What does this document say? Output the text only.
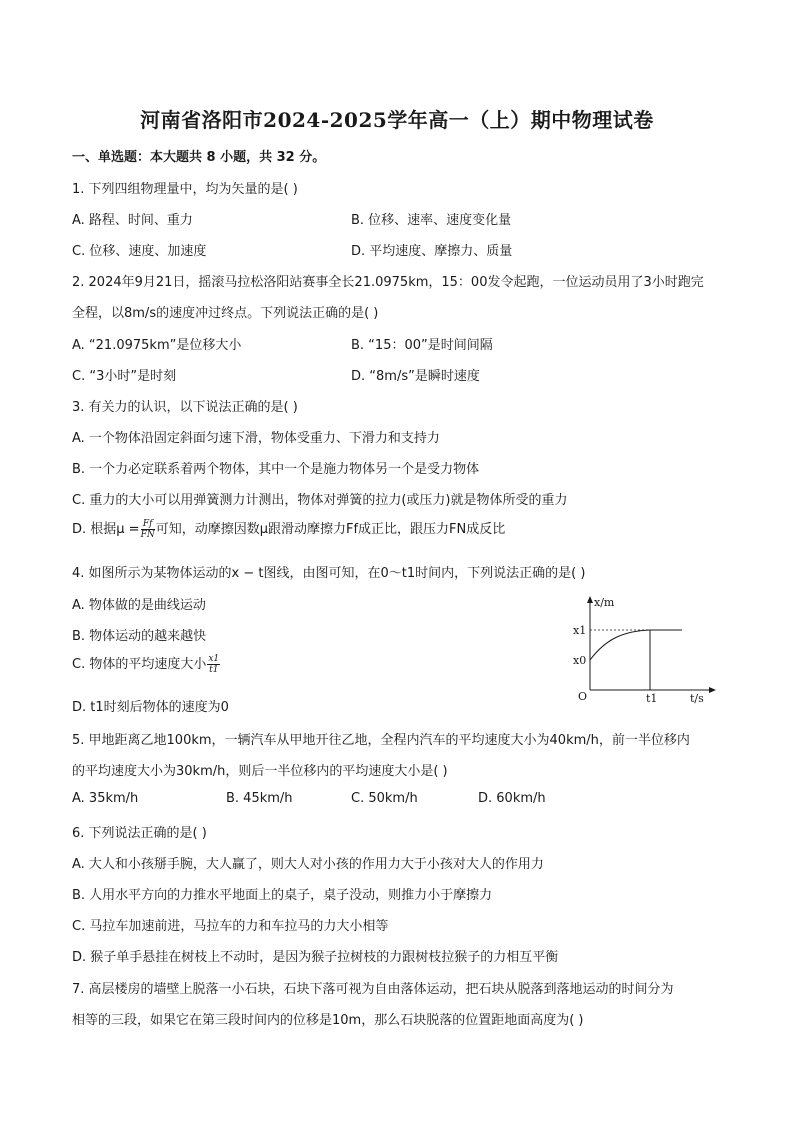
河南省洛阳市2024-2025学年高一（上）期中物理试卷
一、单选题：本大题共 8 小题，共 32 分。
1. 下列四组物理量中，均为矢量的是( )
A. 路程、时间、重力	B. 位移、速率、速度变化量
C. 位移、速度、加速度	D. 平均速度、摩擦力、质量
2. 2024年9月21日，摇滚马拉松洛阳站赛事全长21.0975km，15：00发令起跑，一位运动员用了3小时跑完
全程，以8m/s的速度冲过终点。下列说法正确的是( )
A. “21.0975km”是位移大小	B. “15：00”是时间间隔
C. “3小时”是时刻	D. “8m/s”是瞬时速度
3. 有关力的认识，以下说法正确的是( )
A. 一个物体沿固定斜面匀速下滑，物体受重力、下滑力和支持力
B. 一个力必定联系着两个物体，其中一个是施力物体另一个是受力物体
C. 重力的大小可以用弹簧测力计测出，物体对弹簧的拉力(或压力)就是物体所受的重力
D. 根据$\mu = \frac{Ff}{FN}$ 可知，动摩擦因数μ跟滑动摩擦力Ff成正比，跟压力FN成反比
4. 如图所示为某物体运动的x − t图线，由图可知，在0～t1时间内，下列说法正确的是( )
A. 物体做的是曲线运动
B. 物体运动的越来越快
C. 物体的平均速度大小 $\frac{x1}{t1}$
D. t1时刻后物体的速度为0
x/m
t/s
O
x1
x0
t1
5. 甲地距离乙地100km，一辆汽车从甲地开往乙地，全程内汽车的平均速度大小为40km/h，前一半位移内
的平均速度大小为30km/h，则后一半位移内的平均速度大小是( )
A. 35km/h	B. 45km/h	C. 50km/h	D. 60km/h
6. 下列说法正确的是( )
A. 大人和小孩掰手腕，大人赢了，则大人对小孩的作用力大于小孩对大人的作用力
B. 人用水平方向的力推水平地面上的桌子，桌子没动，则推力小于摩擦力
C. 马拉车加速前进，马拉车的力和车拉马的力大小相等
D. 猴子单手悬挂在树枝上不动时，是因为猴子拉树枝的力跟树枝拉猴子的力相互平衡
7. 高层楼房的墙壁上脱落一小石块，石块下落可视为自由落体运动，把石块从脱落到落地运动的时间分为
相等的三段，如果它在第三段时间内的位移是10m，那么石块脱落的位置距地面高度为( )
